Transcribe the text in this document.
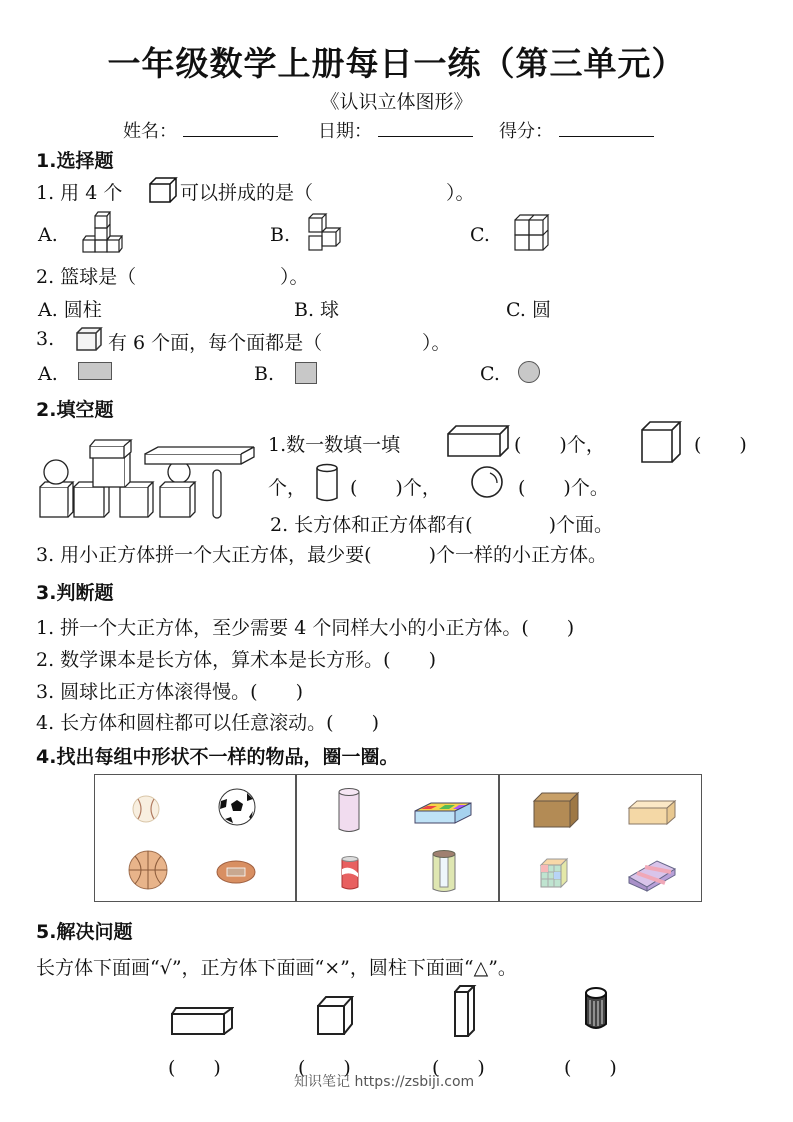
一年级数学上册每日一练（第三单元）
《认识立体图形》
姓名：	日期：	得分：
1.选择题
1. 用 4 个	可以拼成的是（	）。
A.	B.	C.
2. 篮球是（	）。
A. 圆柱	B. 球	C. 圆
3.	有 6 个面，每个面都是（	）。
A.	B.	C.
2.填空题
1.数一数填一填	(　　)个，	(　　)
个， (　　)个，	(　　)个。
2. 长方体和正方体都有(　　　　)个面。
3. 用小正方体拼一个大正方体，最少要(　　　)个一样的小正方体。
3.判断题
1. 拼一个大正方体，至少需要 4 个同样大小的小正方体。(　　)
2. 数学课本是长方体，算术本是长方形。(　　)
3. 圆球比正方体滚得慢。(　　)
4. 长方体和圆柱都可以任意滚动。(　　)
4.找出每组中形状不一样的物品，圈一圈。
5.解决问题
长方体下面画“√”，正方体下面画“×”，圆柱下面画“△”。
(　　)	(　　)	(　　)	(　　)
知识笔记 https://zsbiji.com
